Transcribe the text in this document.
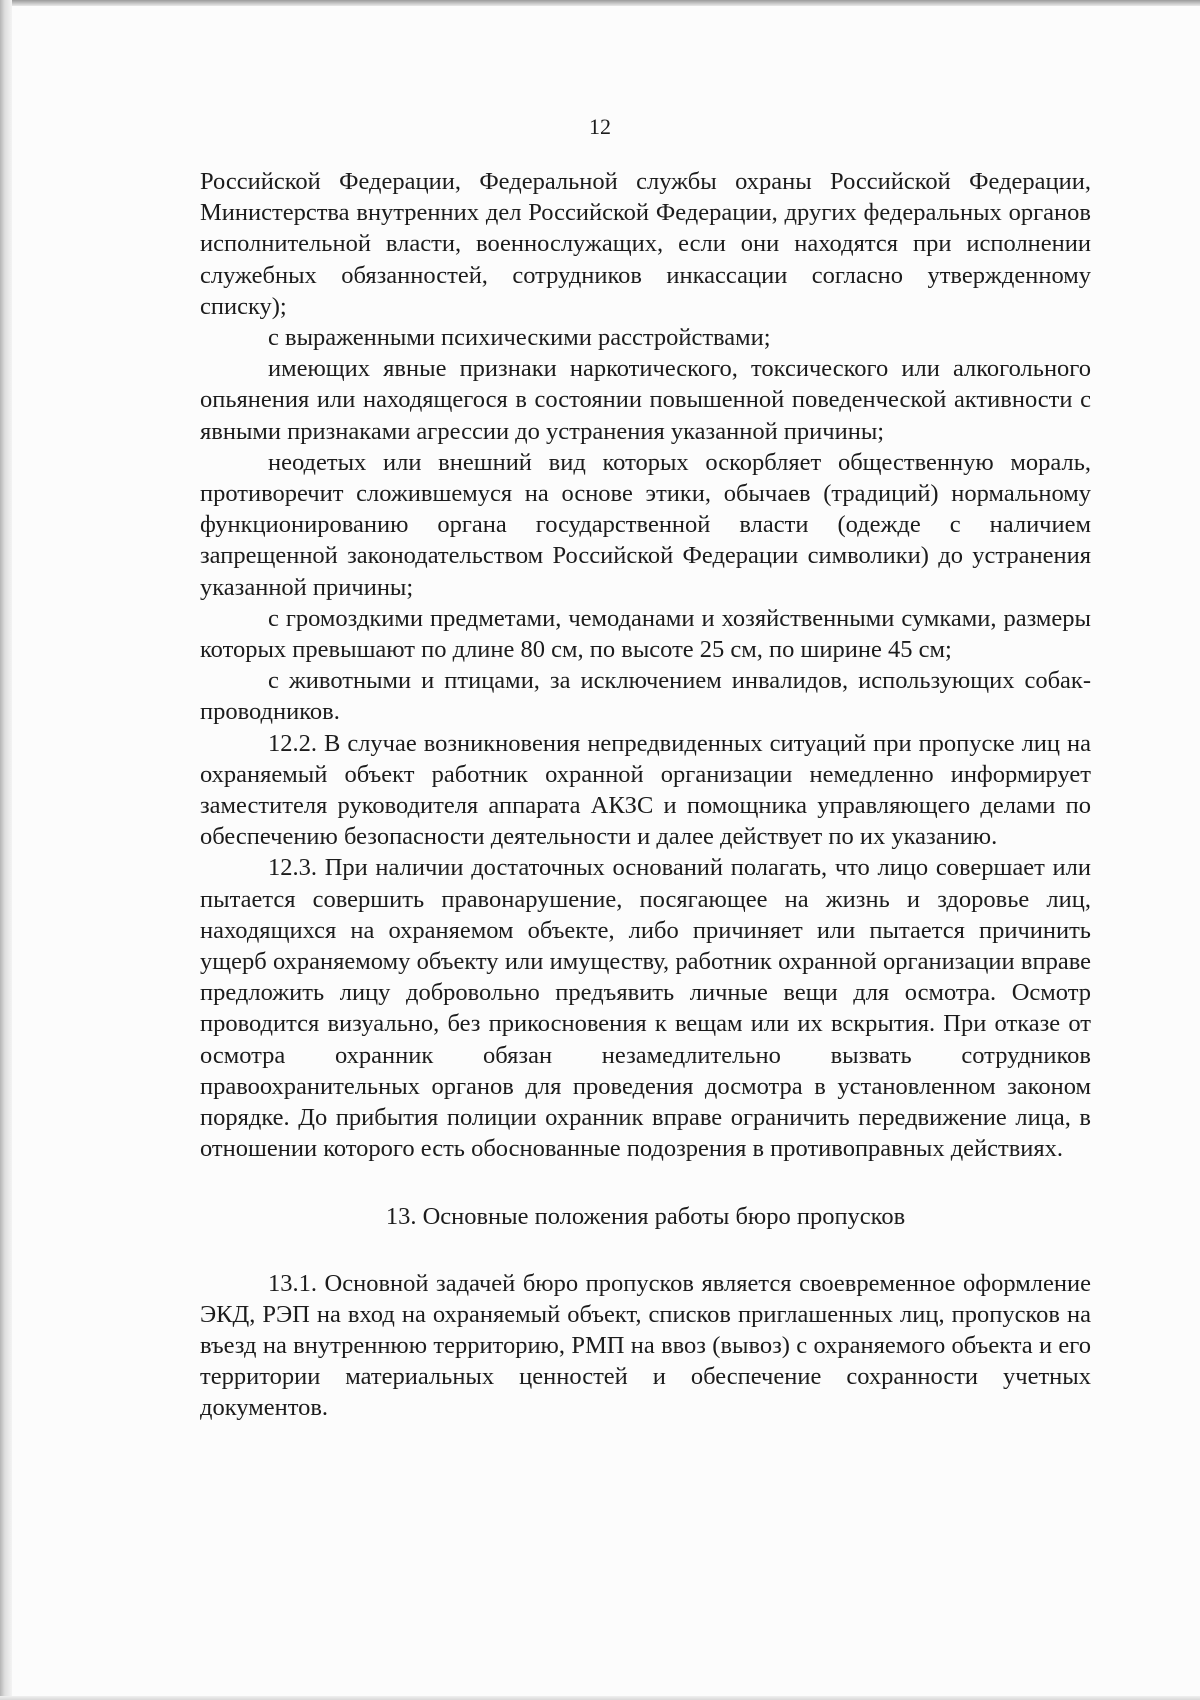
12

Российской Федерации, Федеральной службы охраны Российской Федерации, Министерства внутренних дел Российской Федерации, других федеральных органов исполнительной власти, военнослужащих, если они находятся при исполнении служебных обязанностей, сотрудников инкассации согласно утвержденному списку);

с выраженными психическими расстройствами;

имеющих явные признаки наркотического, токсического или алкогольного опьянения или находящегося в состоянии повышенной поведенческой активности с явными признаками агрессии до устранения указанной причины;

неодетых или внешний вид которых оскорбляет общественную мораль, противоречит сложившемуся на основе этики, обычаев (традиций) нормальному функционированию органа государственной власти (одежде с наличием запрещенной законодательством Российской Федерации символики) до устранения указанной причины;

с громоздкими предметами, чемоданами и хозяйственными сумками, размеры которых превышают по длине 80 см, по высоте 25 см, по ширине 45 см;

с животными и птицами, за исключением инвалидов, использующих собак-проводников.

12.2. В случае возникновения непредвиденных ситуаций при пропуске лиц на охраняемый объект работник охранной организации немедленно информирует заместителя руководителя аппарата АКЗС и помощника управляющего делами по обеспечению безопасности деятельности и далее действует по их указанию.

12.3. При наличии достаточных оснований полагать, что лицо совершает или пытается совершить правонарушение, посягающее на жизнь и здоровье лиц, находящихся на охраняемом объекте, либо причиняет или пытается причинить ущерб охраняемому объекту или имуществу, работник охранной организации вправе предложить лицу добровольно предъявить личные вещи для осмотра. Осмотр проводится визуально, без прикосновения к вещам или их вскрытия. При отказе от осмотра охранник обязан незамедлительно вызвать сотрудников правоохранительных органов для проведения досмотра в установленном законом порядке. До прибытия полиции охранник вправе ограничить передвижение лица, в отношении которого есть обоснованные подозрения в противоправных действиях.

13. Основные положения работы бюро пропусков

13.1. Основной задачей бюро пропусков является своевременное оформление ЭКД, РЭП на вход на охраняемый объект, списков приглашенных лиц, пропусков на въезд на внутреннюю территорию, РМП на ввоз (вывоз) с охраняемого объекта и его территории материальных ценностей и обеспечение сохранности учетных документов.
